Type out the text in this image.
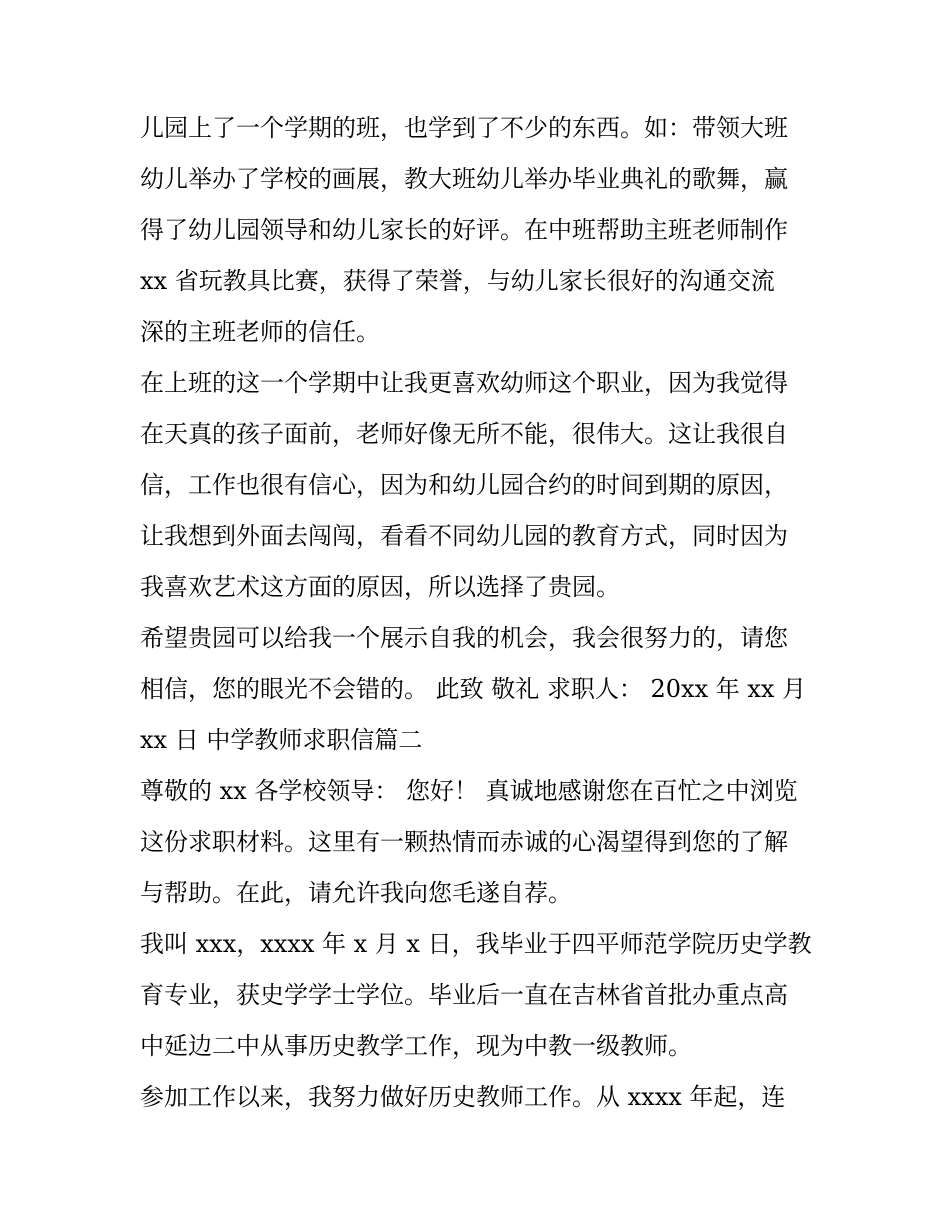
儿园上了一个学期的班，也学到了不少的东西。如：带领大班
幼儿举办了学校的画展，教大班幼儿举办毕业典礼的歌舞，赢
得了幼儿园领导和幼儿家长的好评。在中班帮助主班老师制作
xx 省玩教具比赛，获得了荣誉，与幼儿家长很好的沟通交流
深的主班老师的信任。
在上班的这一个学期中让我更喜欢幼师这个职业，因为我觉得
在天真的孩子面前，老师好像无所不能，很伟大。这让我很自
信，工作也很有信心，因为和幼儿园合约的时间到期的原因，
让我想到外面去闯闯，看看不同幼儿园的教育方式，同时因为
我喜欢艺术这方面的原因，所以选择了贵园。
希望贵园可以给我一个展示自我的机会，我会很努力的，请您
相信，您的眼光不会错的。 此致 敬礼 求职人： 20xx 年 xx 月
xx 日 中学教师求职信篇二
尊敬的 xx 各学校领导： 您好！ 真诚地感谢您在百忙之中浏览
这份求职材料。这里有一颗热情而赤诚的心渴望得到您的了解
与帮助。在此，请允许我向您毛遂自荐。
我叫 xxx，xxxx 年 x 月 x 日，我毕业于四平师范学院历史学教
育专业，获史学学士学位。毕业后一直在吉林省首批办重点高
中延边二中从事历史教学工作，现为中教一级教师。
参加工作以来，我努力做好历史教师工作。从 xxxx 年起，连
